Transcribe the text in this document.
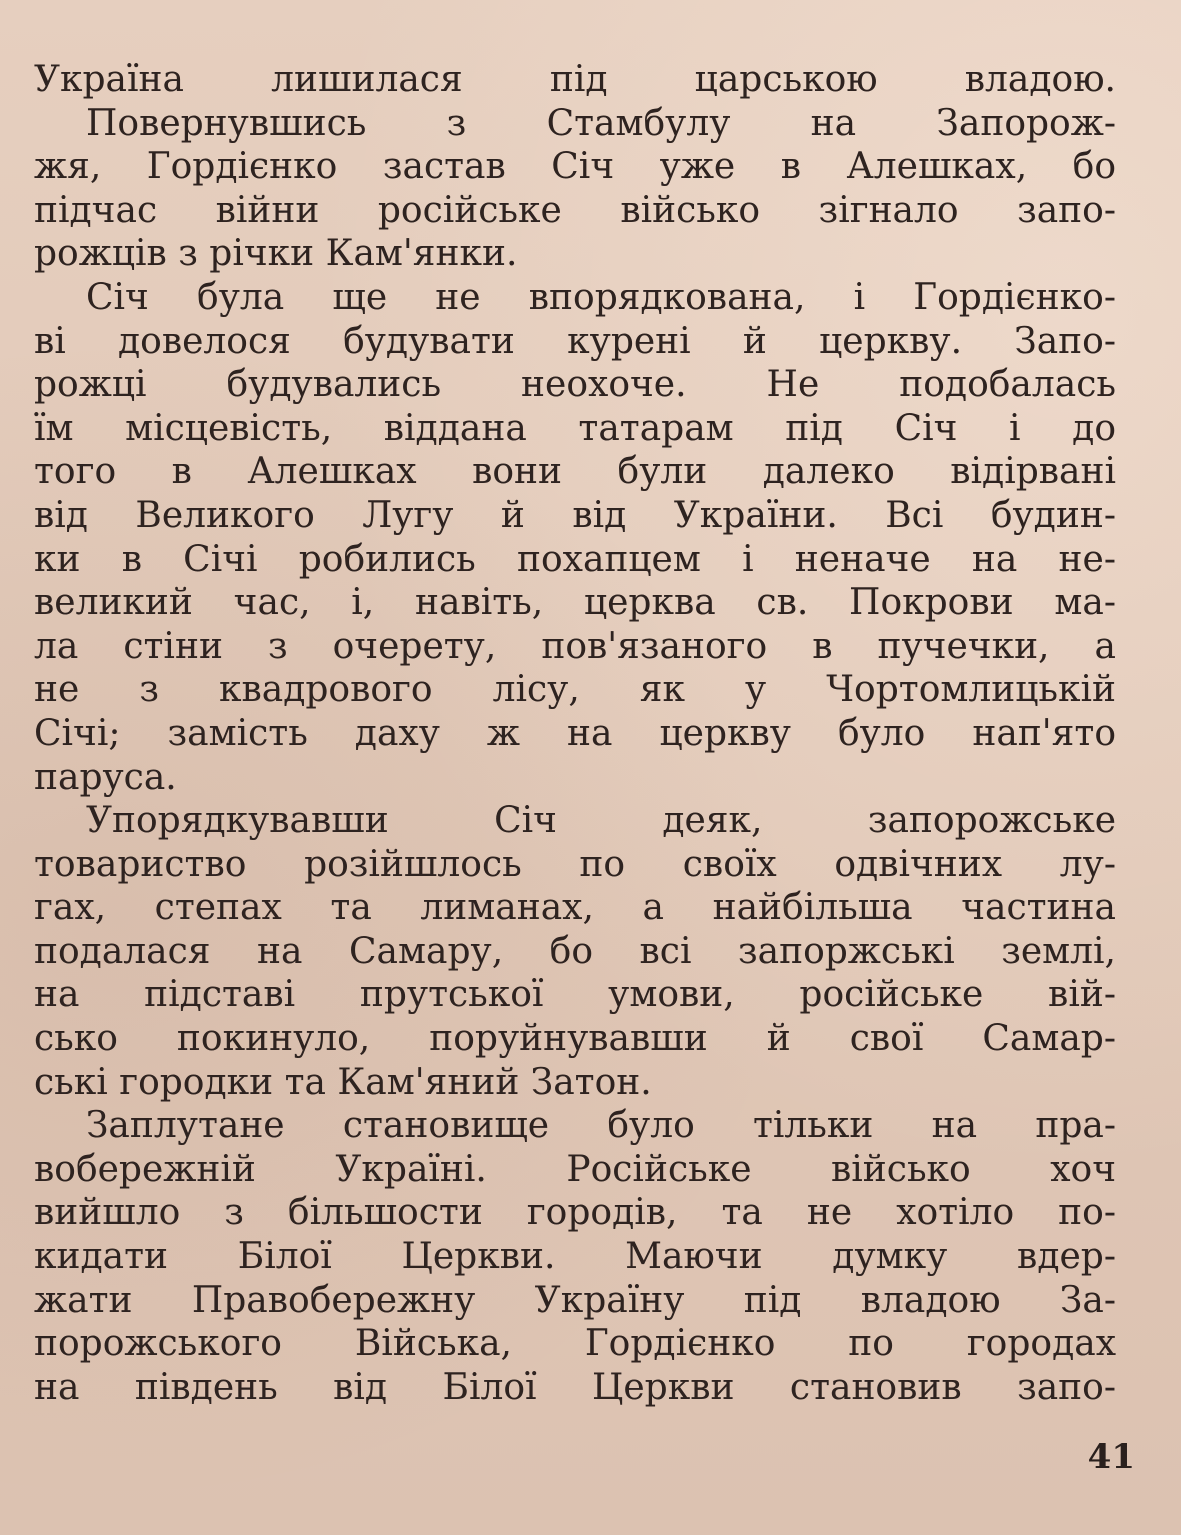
Україна лишилася під царською владою.
Повернувшись з Стамбулу на Запорож-
жя, Гордієнко застав Січ уже в Алешках, бо
підчас війни російське військо зігнало запо-
рожців з річки Кам'янки.
Січ була ще не впорядкована, і Гордієнко-
ві довелося будувати курені й церкву. Запо-
рожці будувались неохоче. Не подобалась
їм місцевість, віддана татарам під Січ і до
того в Алешках вони були далеко відірвані
від Великого Лугу й від України. Всі будин-
ки в Січі робились похапцем і неначе на не-
великий час, і, навіть, церква св. Покрови ма-
ла стіни з очерету, пов'язаного в пучечки, а
не з квадрового лісу, як у Чортомлицькій
Січі; замість даху ж на церкву було нап'ято
паруса.
Упорядкувавши Січ деяк, запорожське
товариство розійшлось по своїх одвічних лу-
гах, степах та лиманах, а найбільша частина
подалася на Самару, бо всі запоржські землі,
на підставі прутської умови, російське вій-
сько покинуло, поруйнувавши й свої Самар-
ські городки та Кам'яний Затон.
Заплутане становище було тільки на пра-
вобережній Україні. Російське військо хоч
вийшло з більшости городів, та не хотіло по-
кидати Білої Церкви. Маючи думку вдер-
жати Правобережну Україну під владою За-
порожського Війська, Гордієнко по городах
на південь від Білої Церкви становив запо-
41
